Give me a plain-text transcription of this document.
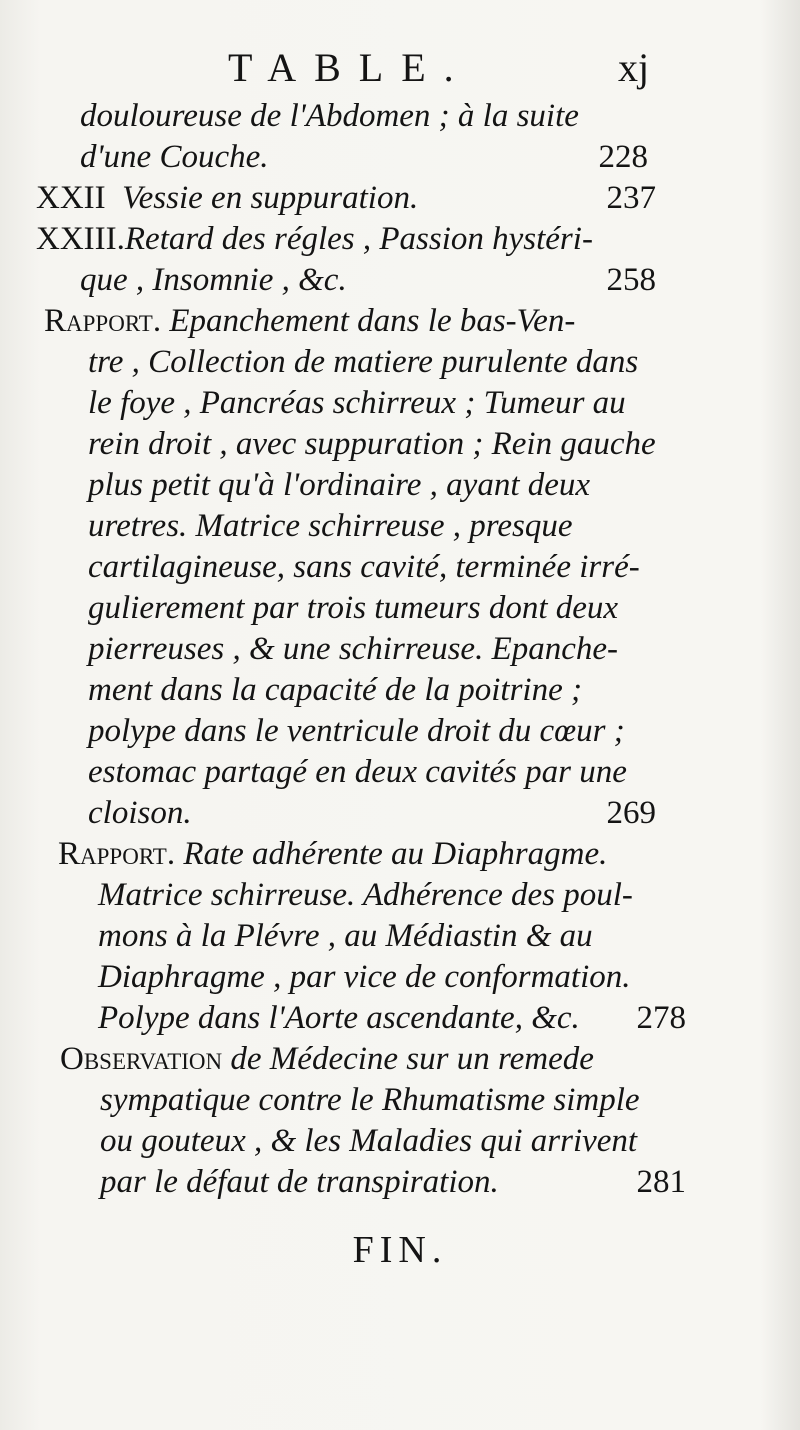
TABLE.	xj
douloureuse de l'Abdomen ; à la suite
d'une Couche.	228
XXII Vessie en suppuration.	237
XXIII.Retard des régles , Passion hystéri-
que , Insomnie , &c.	258
Rapport. Epanchement dans le bas-Ven-
tre , Collection de matiere purulente dans
le foye , Pancréas schirreux ; Tumeur au
rein droit , avec suppuration ; Rein gauche
plus petit qu'à l'ordinaire , ayant deux
uretres. Matrice schirreuse , presque
cartilagineuse, sans cavité, terminée irré-
gulierement par trois tumeurs dont deux
pierreuses , & une schirreuse. Epanche-
ment dans la capacité de la poitrine ;
polype dans le ventricule droit du cœur ;
estomac partagé en deux cavités par une
cloison.	269
Rapport. Rate adhérente au Diaphragme.
Matrice schirreuse. Adhérence des poul-
mons à la Plévre , au Médiastin & au
Diaphragme , par vice de conformation.
Polype dans l'Aorte ascendante, &c.	278
Observation de Médecine sur un remede
sympatique contre le Rhumatisme simple
ou gouteux , & les Maladies qui arrivent
par le défaut de transpiration.	281
FIN.
